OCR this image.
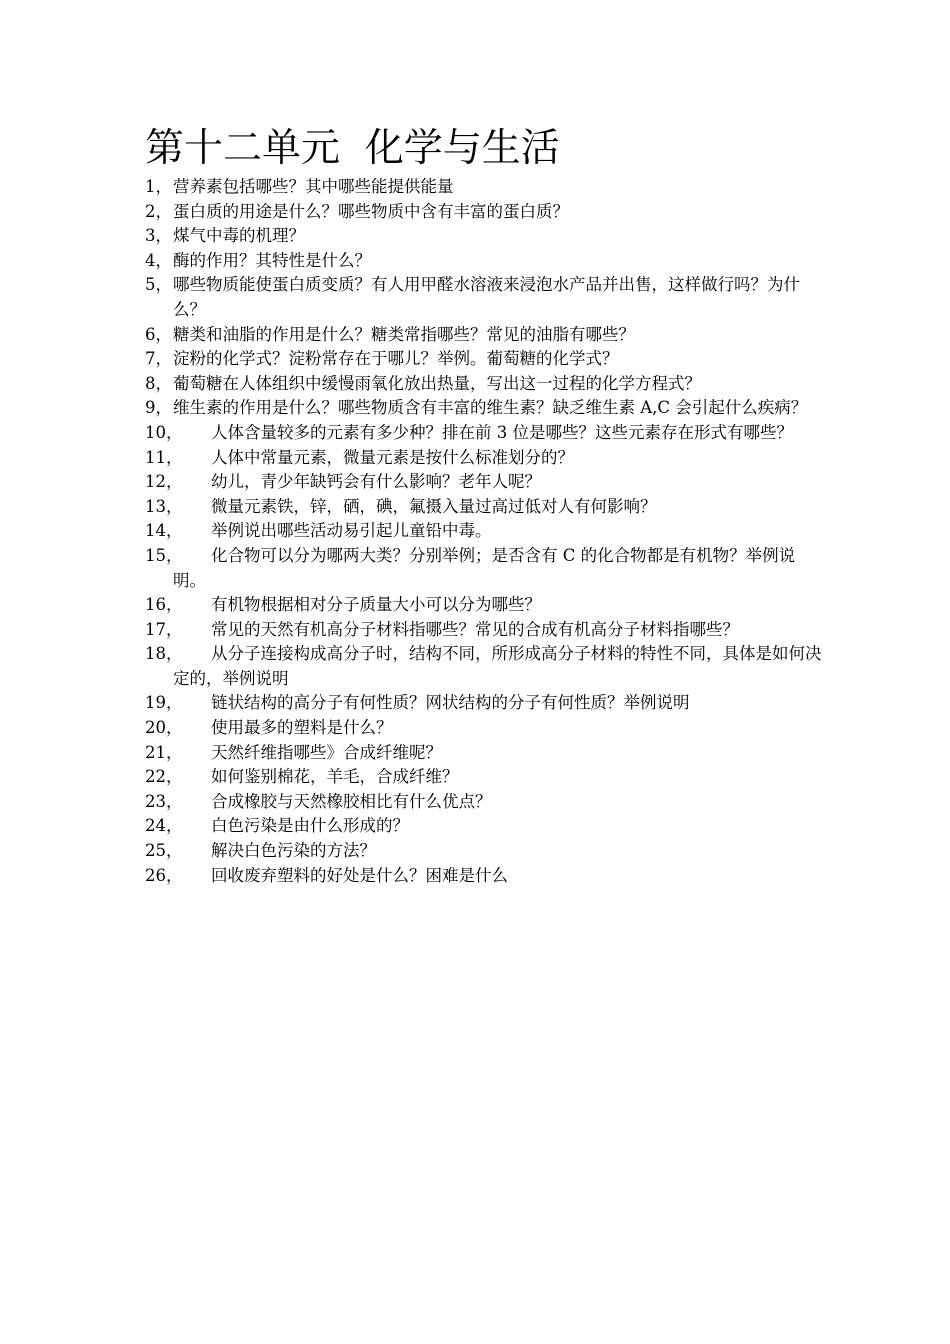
第十二单元  化学与生活
1， 营养素包括哪些？其中哪些能提供能量
2， 蛋白质的用途是什么？哪些物质中含有丰富的蛋白质？
3， 煤气中毒的机理？
4， 酶的作用？其特性是什么？
5， 哪些物质能使蛋白质变质？有人用甲醛水溶液来浸泡水产品并出售，这样做行吗？为什么？
6， 糖类和油脂的作用是什么？糖类常指哪些？常见的油脂有哪些？
7， 淀粉的化学式？淀粉常存在于哪儿？举例。葡萄糖的化学式？
8， 葡萄糖在人体组织中缓慢雨氧化放出热量，写出这一过程的化学方程式？
9， 维生素的作用是什么？哪些物质含有丰富的维生素？缺乏维生素 A,C 会引起什么疾病？
10，	人体含量较多的元素有多少种？排在前 3 位是哪些？这些元素存在形式有哪些？
11，	人体中常量元素，微量元素是按什么标准划分的？
12，	幼儿，青少年缺钙会有什么影响？老年人呢？
13，	微量元素铁，锌，硒，碘，氟摄入量过高过低对人有何影响？
14，	举例说出哪些活动易引起儿童铅中毒。
15，	化合物可以分为哪两大类？分别举例；是否含有 C 的化合物都是有机物？举例说明。
16，	有机物根据相对分子质量大小可以分为哪些？
17，	常见的天然有机高分子材料指哪些？常见的合成有机高分子材料指哪些？
18，	从分子连接构成高分子时，结构不同，所形成高分子材料的特性不同，具体是如何决定的，举例说明
19，	链状结构的高分子有何性质？网状结构的分子有何性质？举例说明
20，	使用最多的塑料是什么？
21，	天然纤维指哪些》合成纤维呢？
22，	如何鉴别棉花，羊毛，合成纤维？
23，	合成橡胶与天然橡胶相比有什么优点？
24，	白色污染是由什么形成的？
25，	解决白色污染的方法？
26，	回收废弃塑料的好处是什么？困难是什么
